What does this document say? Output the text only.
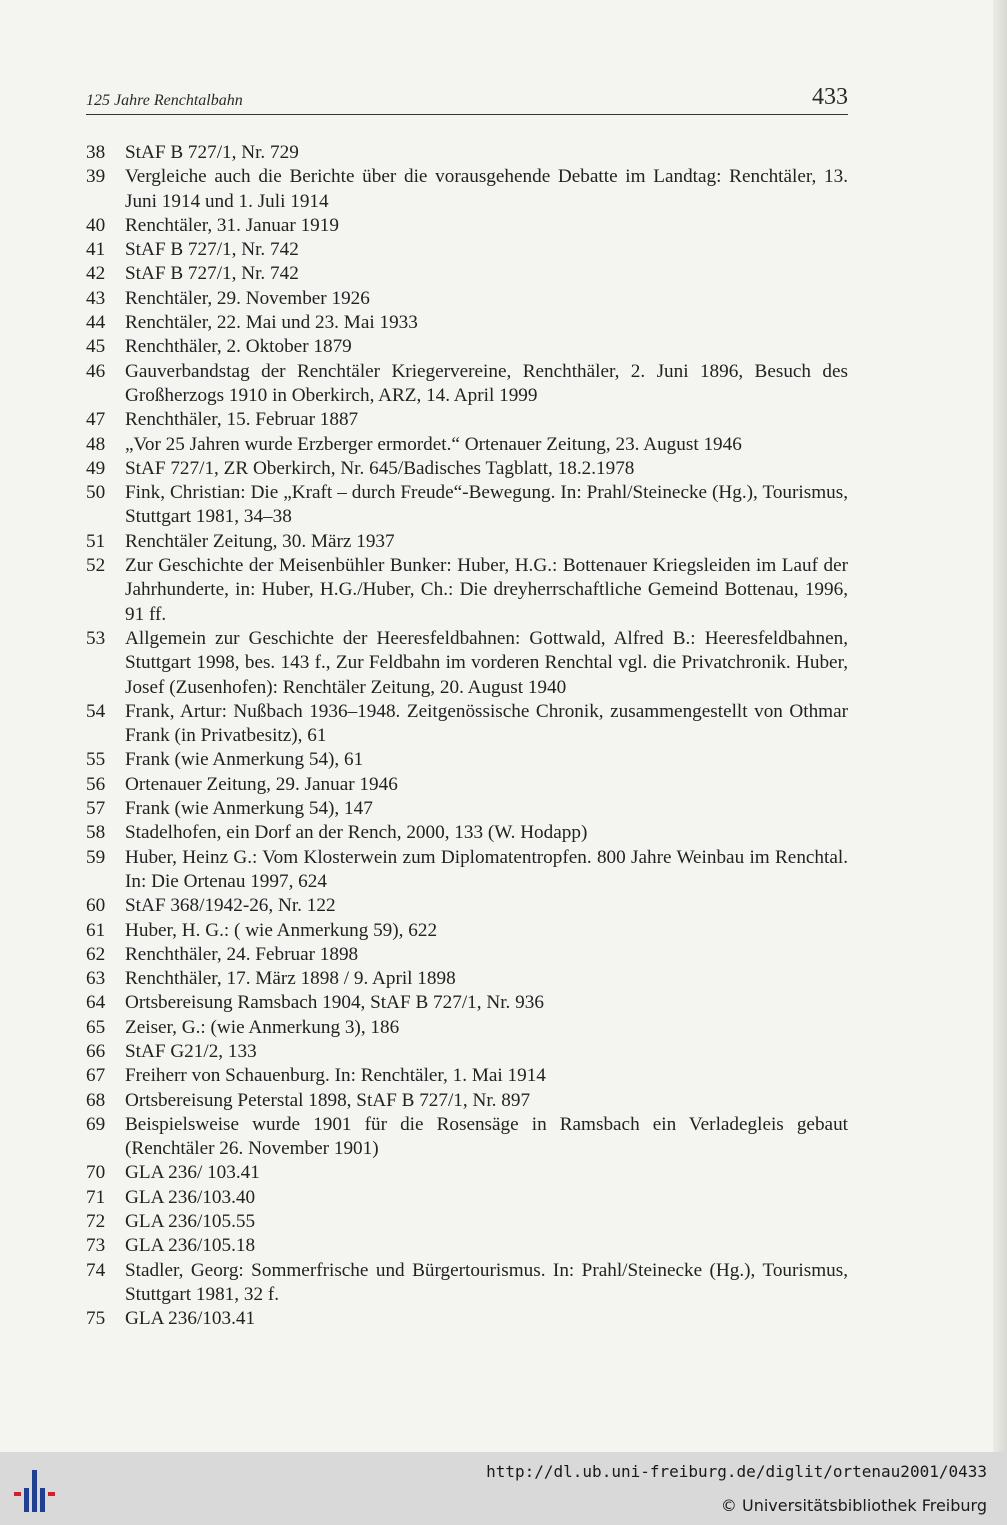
125 Jahre Renchtalbahn	433
38	StAF B 727/1, Nr. 729
39	Vergleiche auch die Berichte über die vorausgehende Debatte im Landtag: Renchtäler, 13. Juni 1914 und 1. Juli 1914
40	Renchtäler, 31. Januar 1919
41	StAF B 727/1, Nr. 742
42	StAF B 727/1, Nr. 742
43	Renchtäler, 29. November 1926
44	Renchtäler, 22. Mai und 23. Mai 1933
45	Renchthäler, 2. Oktober 1879
46	Gauverbandstag der Renchtäler Kriegervereine, Renchthäler, 2. Juni 1896, Besuch des Großherzogs 1910 in Oberkirch, ARZ, 14. April 1999
47	Renchthäler, 15. Februar 1887
48	„Vor 25 Jahren wurde Erzberger ermordet.“ Ortenauer Zeitung, 23. August 1946
49	StAF 727/1, ZR Oberkirch, Nr. 645/Badisches Tagblatt, 18.2.1978
50	Fink, Christian: Die „Kraft – durch Freude“-Bewegung. In: Prahl/Steinecke (Hg.), Tourismus, Stuttgart 1981, 34–38
51	Renchtäler Zeitung, 30. März 1937
52	Zur Geschichte der Meisenbühler Bunker: Huber, H.G.: Bottenauer Kriegsleiden im Lauf der Jahrhunderte, in: Huber, H.G./Huber, Ch.: Die dreyherrschaftliche Gemeind Bottenau, 1996, 91 ff.
53	Allgemein zur Geschichte der Heeresfeldbahnen: Gottwald, Alfred B.: Heeresfeldbahnen, Stuttgart 1998, bes. 143 f., Zur Feldbahn im vorderen Renchtal vgl. die Privatchronik. Huber, Josef (Zusenhofen): Renchtäler Zeitung, 20. August 1940
54	Frank, Artur: Nußbach 1936–1948. Zeitgenössische Chronik, zusammengestellt von Othmar Frank (in Privatbesitz), 61
55	Frank (wie Anmerkung 54), 61
56	Ortenauer Zeitung, 29. Januar 1946
57	Frank (wie Anmerkung 54), 147
58	Stadelhofen, ein Dorf an der Rench, 2000, 133 (W. Hodapp)
59	Huber, Heinz G.: Vom Klosterwein zum Diplomatentropfen. 800 Jahre Weinbau im Renchtal. In: Die Ortenau 1997, 624
60	StAF 368/1942-26, Nr. 122
61	Huber, H. G.: ( wie Anmerkung 59), 622
62	Renchthäler, 24. Februar 1898
63	Renchthäler, 17. März 1898 / 9. April 1898
64	Ortsbereisung Ramsbach 1904, StAF B 727/1, Nr. 936
65	Zeiser, G.: (wie Anmerkung 3), 186
66	StAF G21/2, 133
67	Freiherr von Schauenburg. In: Renchtäler, 1. Mai 1914
68	Ortsbereisung Peterstal 1898, StAF B 727/1, Nr. 897
69	Beispielsweise wurde 1901 für die Rosensäge in Ramsbach ein Verladegleis gebaut (Renchtäler 26. November 1901)
70	GLA 236/ 103.41
71	GLA 236/103.40
72	GLA 236/105.55
73	GLA 236/105.18
74	Stadler, Georg: Sommerfrische und Bürgertourismus. In: Prahl/Steinecke (Hg.), Tourismus, Stuttgart 1981, 32 f.
75	GLA 236/103.41
http://dl.ub.uni-freiburg.de/diglit/ortenau2001/0433
© Universitätsbibliothek Freiburg
